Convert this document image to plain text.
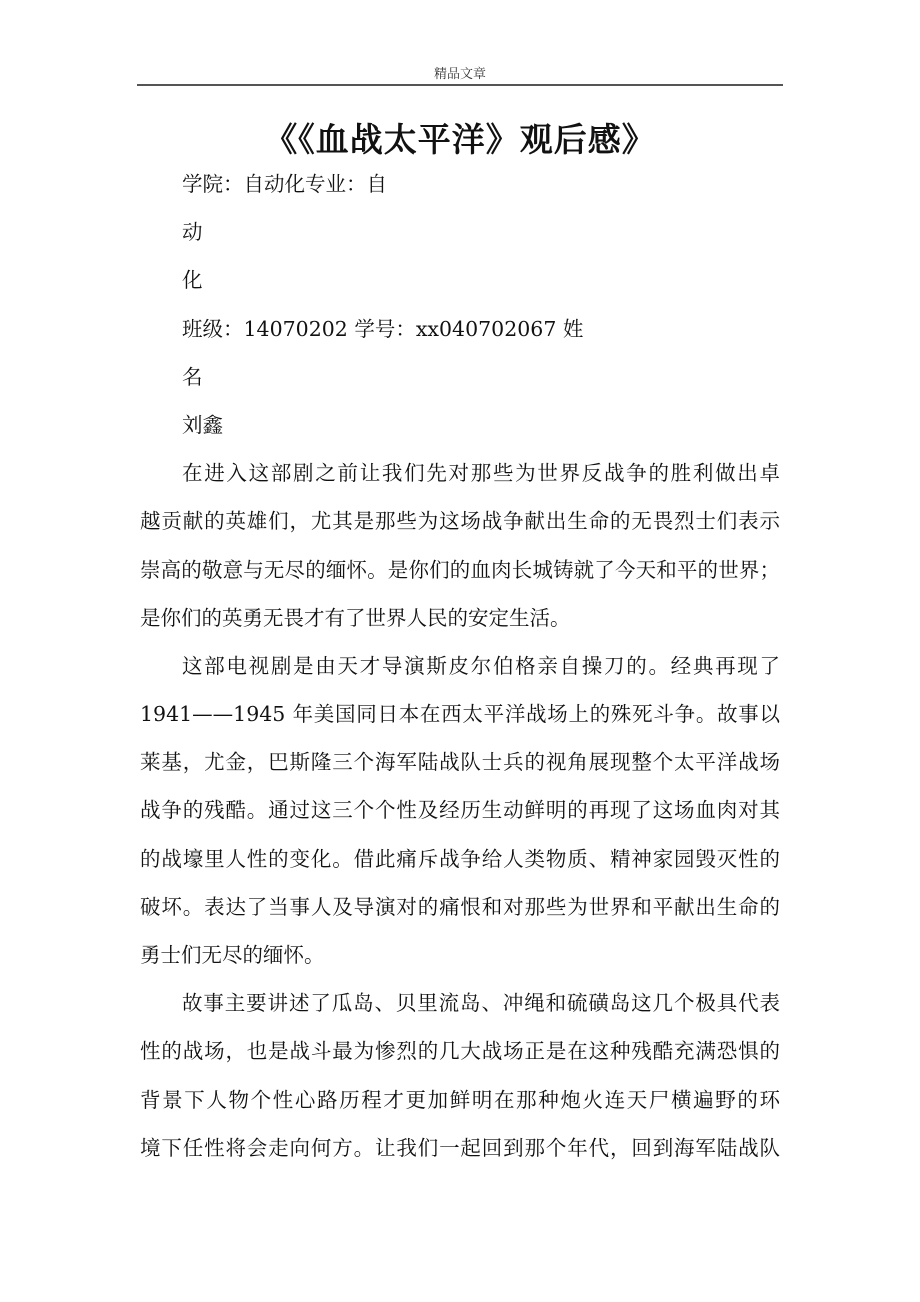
精品文章
《《血战太平洋》观后感》
学院：自动化专业：自
动
化
班级：14070202 学号：xx040702067 姓
名
刘鑫
在进入这部剧之前让我们先对那些为世界反战争的胜利做出卓
越贡献的英雄们，尤其是那些为这场战争献出生命的无畏烈士们表示
崇高的敬意与无尽的缅怀。是你们的血肉长城铸就了今天和平的世界；
是你们的英勇无畏才有了世界人民的安定生活。
这部电视剧是由天才导演斯皮尔伯格亲自操刀的。经典再现了
1941——1945 年美国同日本在西太平洋战场上的殊死斗争。故事以
莱基，尤金，巴斯隆三个海军陆战队士兵的视角展现整个太平洋战场
战争的残酷。通过这三个个性及经历生动鲜明的再现了这场血肉对其
的战壕里人性的变化。借此痛斥战争给人类物质、精神家园毁灭性的
破坏。表达了当事人及导演对的痛恨和对那些为世界和平献出生命的
勇士们无尽的缅怀。
故事主要讲述了瓜岛、贝里流岛、冲绳和硫磺岛这几个极具代表
性的战场，也是战斗最为惨烈的几大战场正是在这种残酷充满恐惧的
背景下人物个性心路历程才更加鲜明在那种炮火连天尸横遍野的环
境下任性将会走向何方。让我们一起回到那个年代，回到海军陆战队
